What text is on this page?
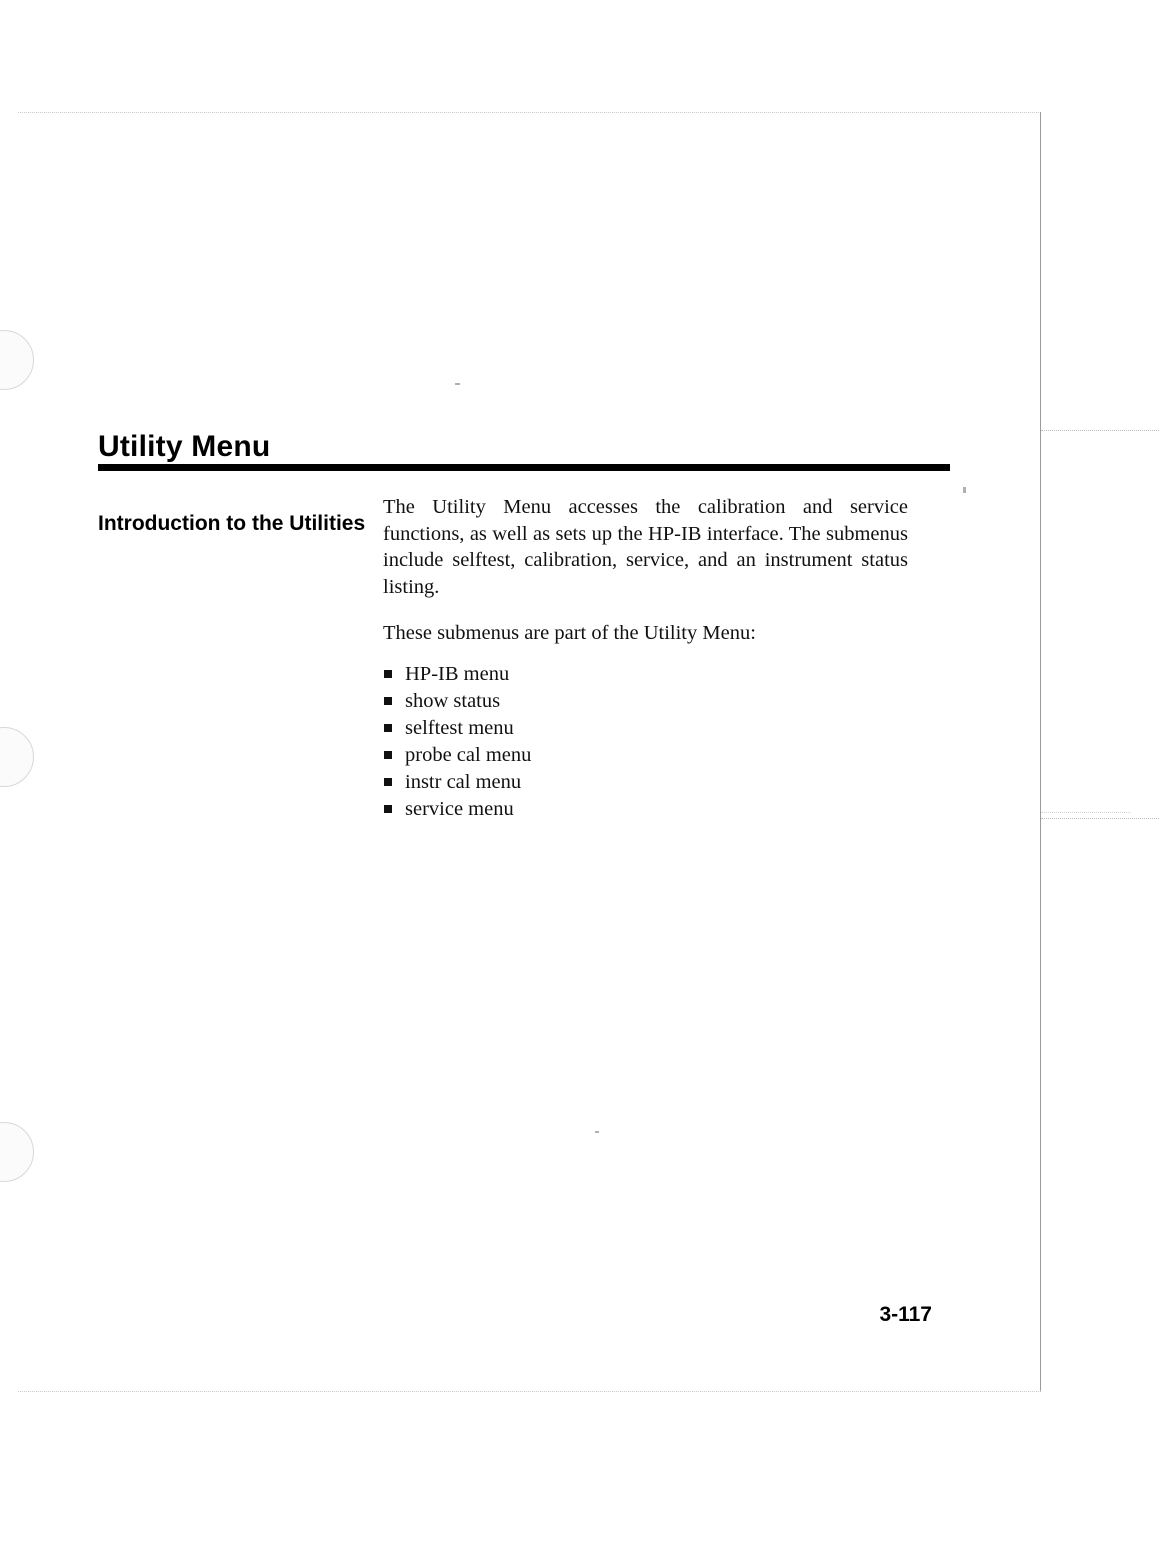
Utility Menu
Introduction to the Utilities

The Utility Menu accesses the calibration and service functions, as well as sets up the HP-IB interface. The submenus include selftest, calibration, service, and an instrument status listing.

These submenus are part of the Utility Menu:

HP-IB menu
show status
selftest menu
probe cal menu
instr cal menu
service menu
3-117
